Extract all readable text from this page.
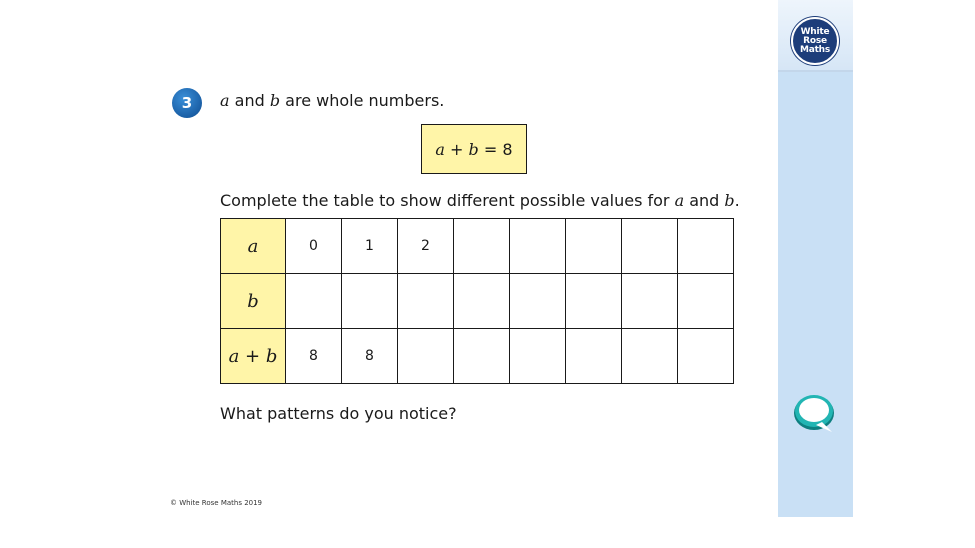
White
Rose
Maths
3 a and b are whole numbers.
a + b = 8
Complete the table to show different possible values for a and b.
a	0	1	2					
b								
a + b	8	8						
What patterns do you notice?
© White Rose Maths 2019
